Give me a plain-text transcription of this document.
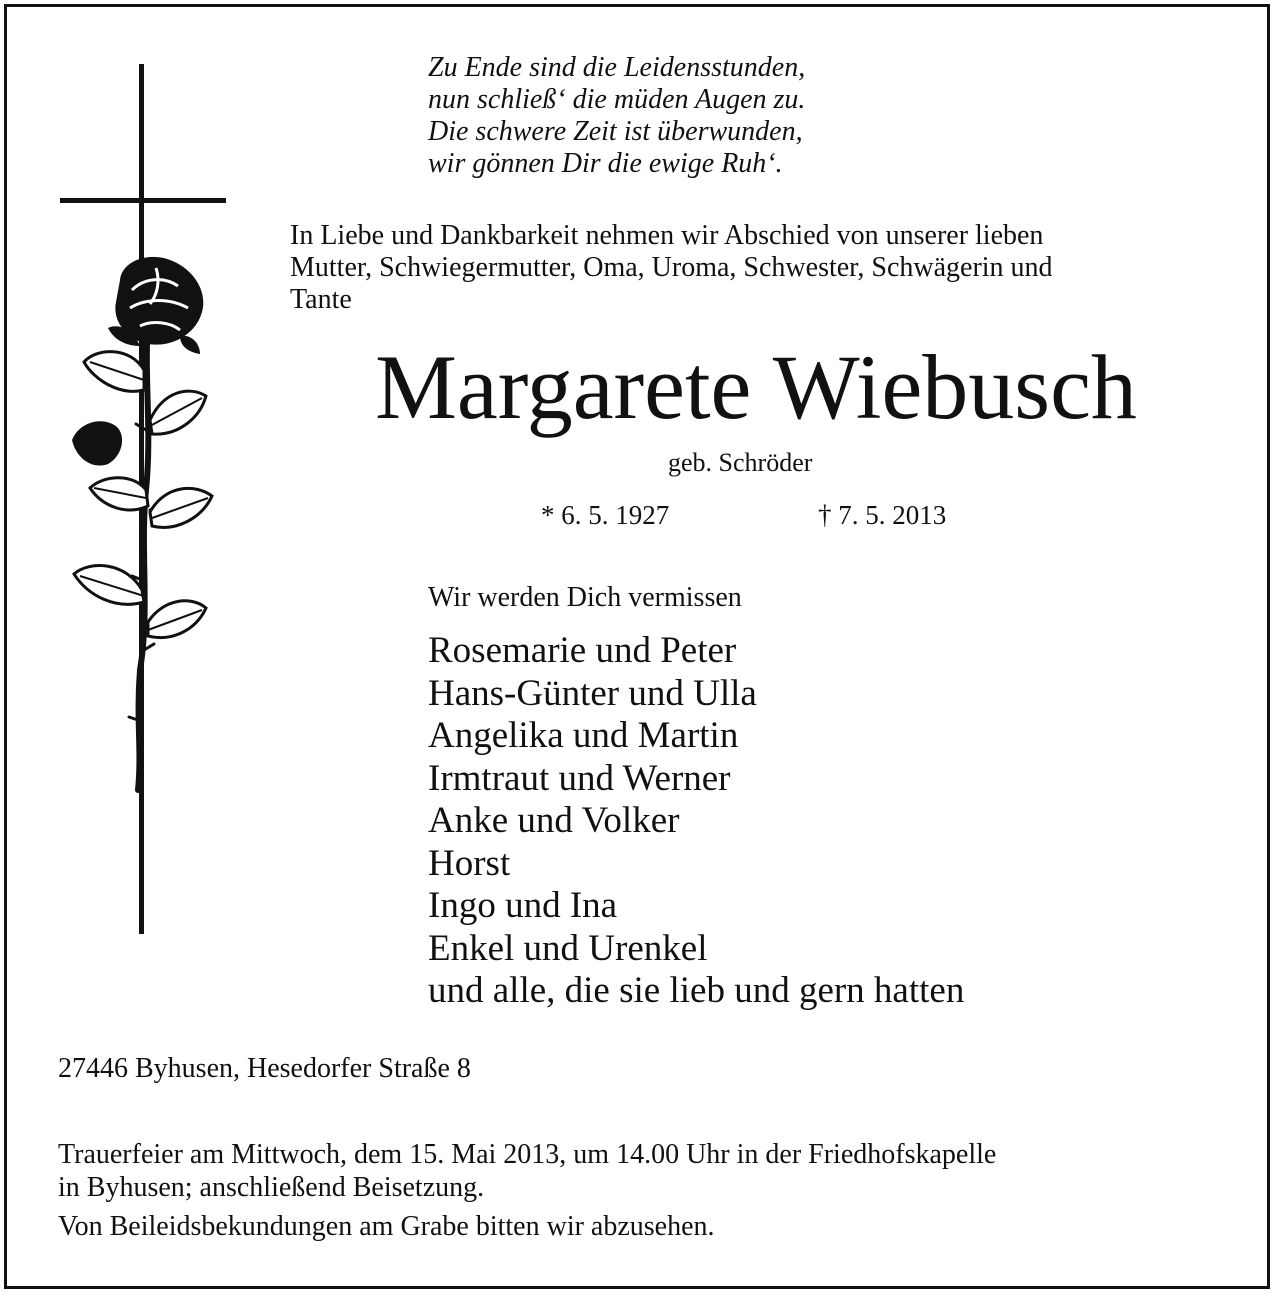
Zu Ende sind die Leidensstunden,
nun schließ‘ die müden Augen zu.
Die schwere Zeit ist überwunden,
wir gönnen Dir die ewige Ruh‘.
In Liebe und Dankbarkeit nehmen wir Abschied von unserer lieben
Mutter, Schwiegermutter, Oma, Uroma, Schwester, Schwägerin und
Tante
Margarete Wiebusch
geb. Schröder
* 6. 5. 1927	† 7. 5. 2013
Wir werden Dich vermissen
Rosemarie und Peter
Hans-Günter und Ulla
Angelika und Martin
Irmtraut und Werner
Anke und Volker
Horst
Ingo und Ina
Enkel und Urenkel
und alle, die sie lieb und gern hatten
27446 Byhusen, Hesedorfer Straße 8
Trauerfeier am Mittwoch, dem 15. Mai 2013, um 14.00 Uhr in der Friedhofskapelle
in Byhusen; anschließend Beisetzung.
Von Beileidsbekundungen am Grabe bitten wir abzusehen.
